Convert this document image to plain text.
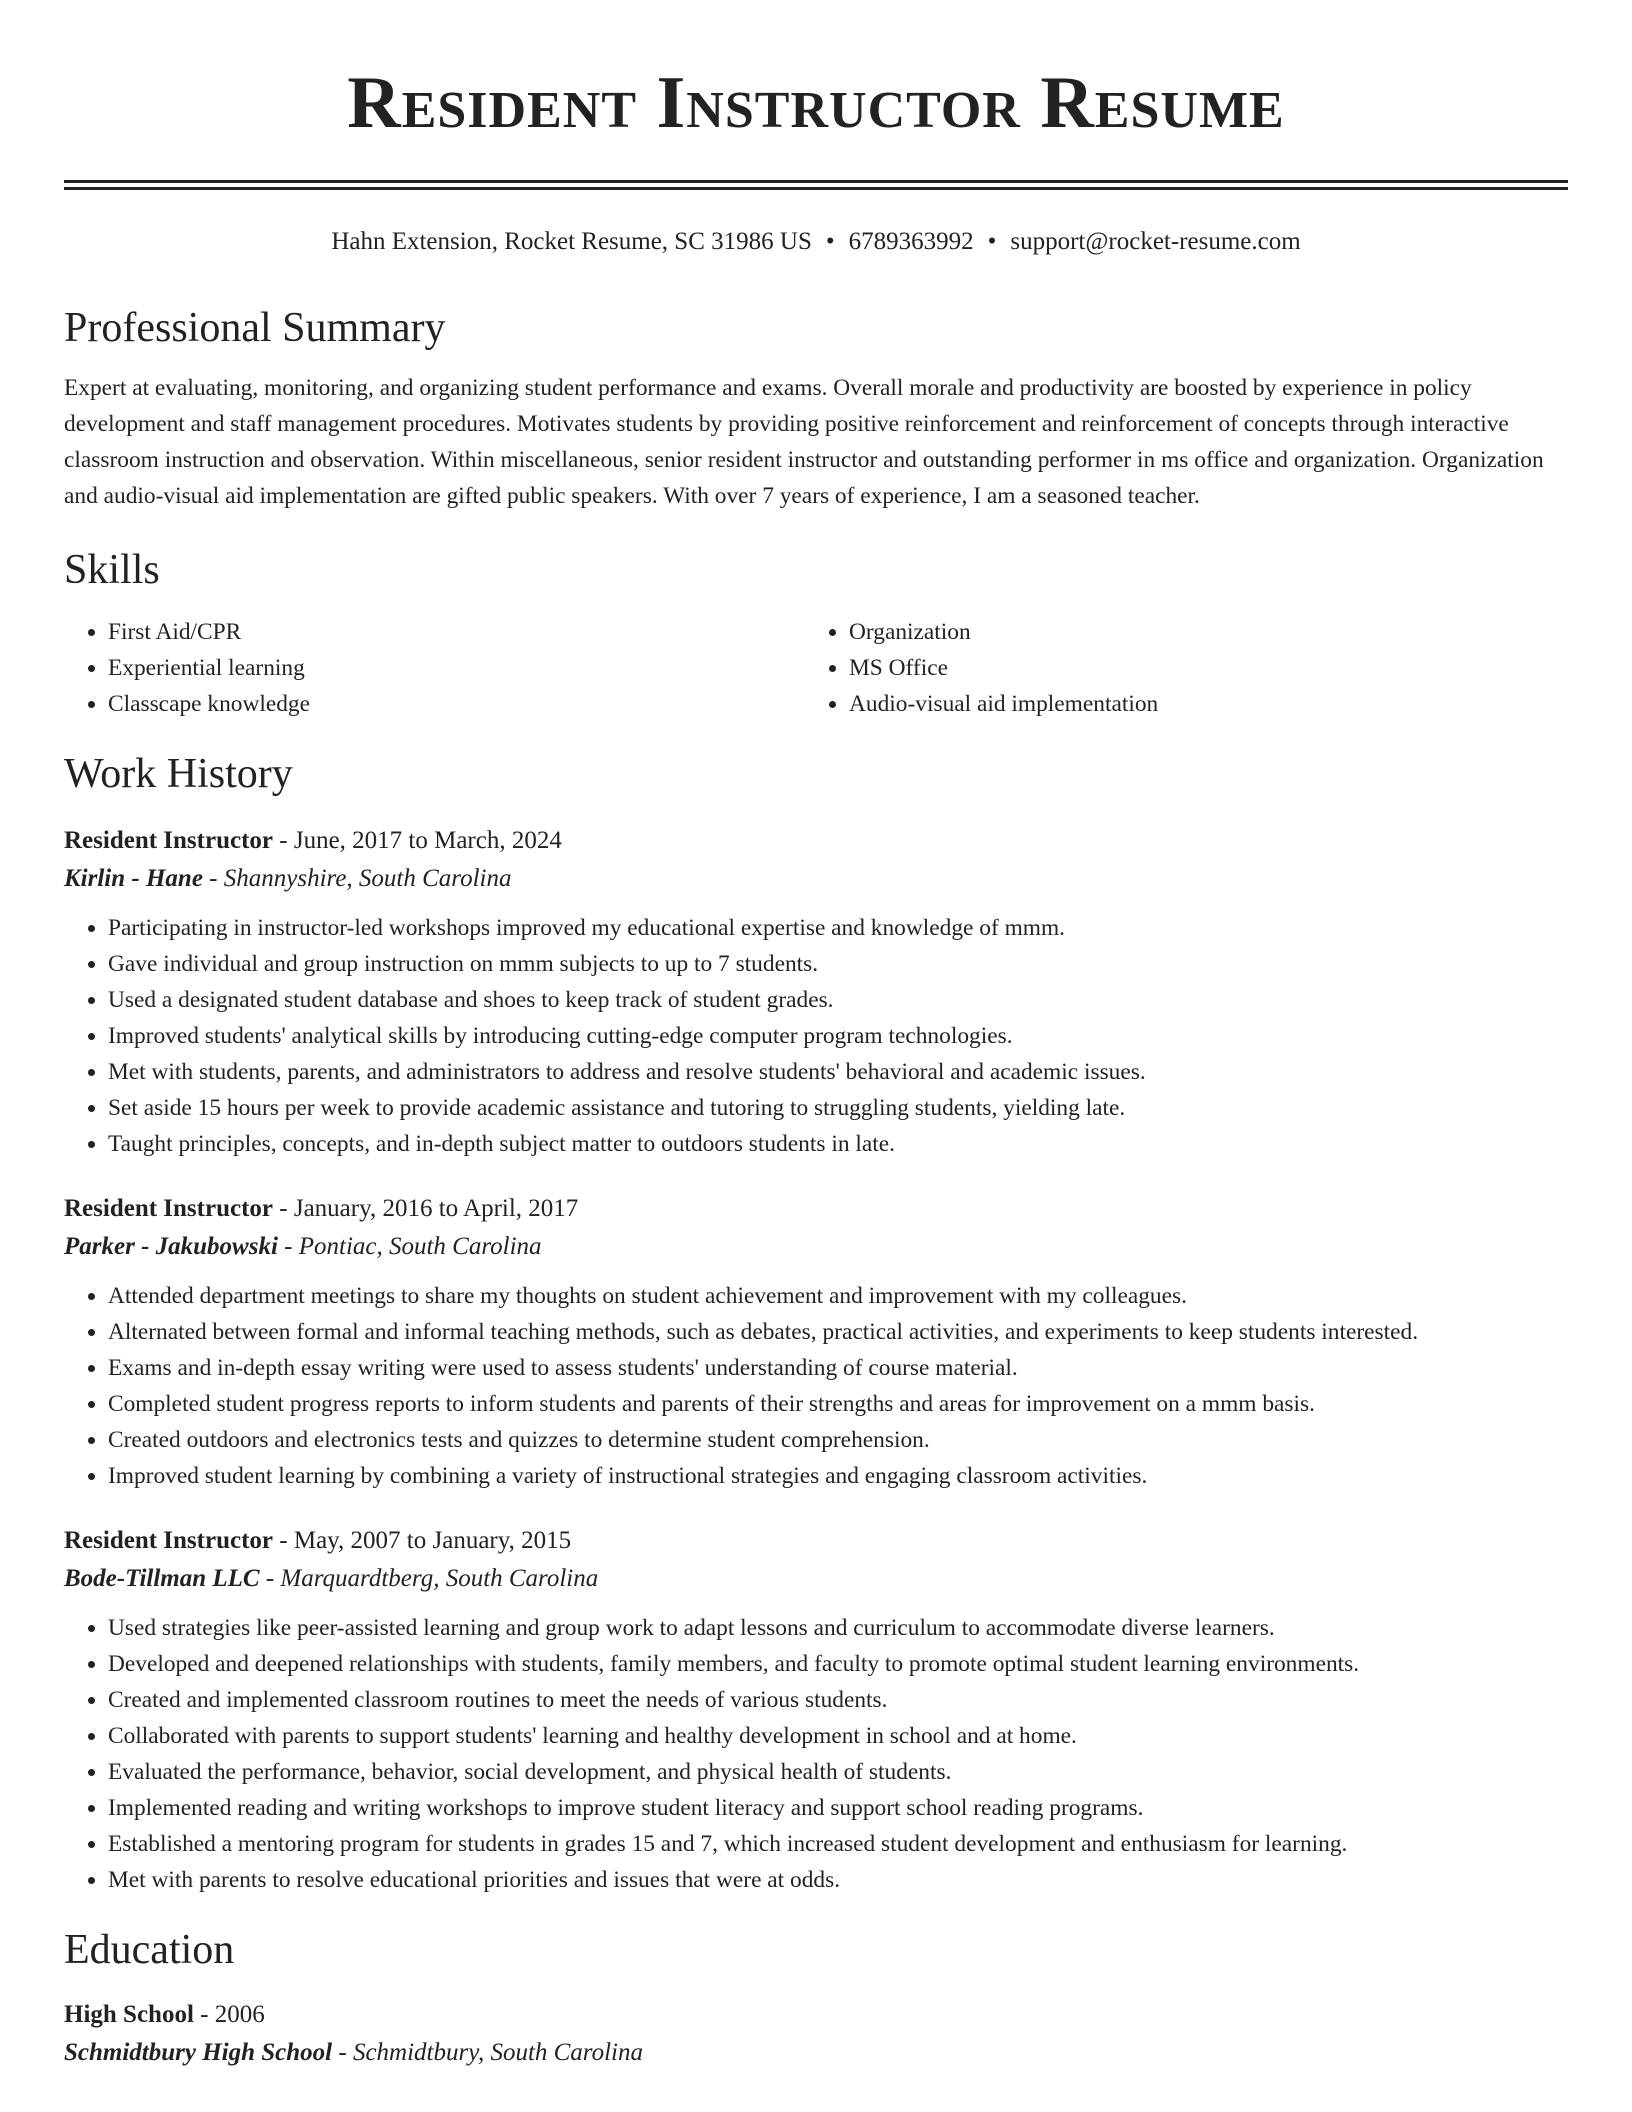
Resident Instructor Resume
Hahn Extension, Rocket Resume, SC 31986 US • 6789363992 • support@rocket-resume.com
Professional Summary
Expert at evaluating, monitoring, and organizing student performance and exams. Overall morale and productivity are boosted by experience in policy development and staff management procedures. Motivates students by providing positive reinforcement and reinforcement of concepts through interactive classroom instruction and observation. Within miscellaneous, senior resident instructor and outstanding performer in ms office and organization. Organization and audio-visual aid implementation are gifted public speakers. With over 7 years of experience, I am a seasoned teacher.
Skills
• First Aid/CPR
• Experiential learning
• Classcape knowledge
• Organization
• MS Office
• Audio-visual aid implementation
Work History
Resident Instructor - June, 2017 to March, 2024
Kirlin - Hane - Shannyshire, South Carolina
• Participating in instructor-led workshops improved my educational expertise and knowledge of mmm.
• Gave individual and group instruction on mmm subjects to up to 7 students.
• Used a designated student database and shoes to keep track of student grades.
• Improved students' analytical skills by introducing cutting-edge computer program technologies.
• Met with students, parents, and administrators to address and resolve students' behavioral and academic issues.
• Set aside 15 hours per week to provide academic assistance and tutoring to struggling students, yielding late.
• Taught principles, concepts, and in-depth subject matter to outdoors students in late.
Resident Instructor - January, 2016 to April, 2017
Parker - Jakubowski - Pontiac, South Carolina
• Attended department meetings to share my thoughts on student achievement and improvement with my colleagues.
• Alternated between formal and informal teaching methods, such as debates, practical activities, and experiments to keep students interested.
• Exams and in-depth essay writing were used to assess students' understanding of course material.
• Completed student progress reports to inform students and parents of their strengths and areas for improvement on a mmm basis.
• Created outdoors and electronics tests and quizzes to determine student comprehension.
• Improved student learning by combining a variety of instructional strategies and engaging classroom activities.
Resident Instructor - May, 2007 to January, 2015
Bode-Tillman LLC - Marquardtberg, South Carolina
• Used strategies like peer-assisted learning and group work to adapt lessons and curriculum to accommodate diverse learners.
• Developed and deepened relationships with students, family members, and faculty to promote optimal student learning environments.
• Created and implemented classroom routines to meet the needs of various students.
• Collaborated with parents to support students' learning and healthy development in school and at home.
• Evaluated the performance, behavior, social development, and physical health of students.
• Implemented reading and writing workshops to improve student literacy and support school reading programs.
• Established a mentoring program for students in grades 15 and 7, which increased student development and enthusiasm for learning.
• Met with parents to resolve educational priorities and issues that were at odds.
Education
High School - 2006
Schmidtbury High School - Schmidtbury, South Carolina
